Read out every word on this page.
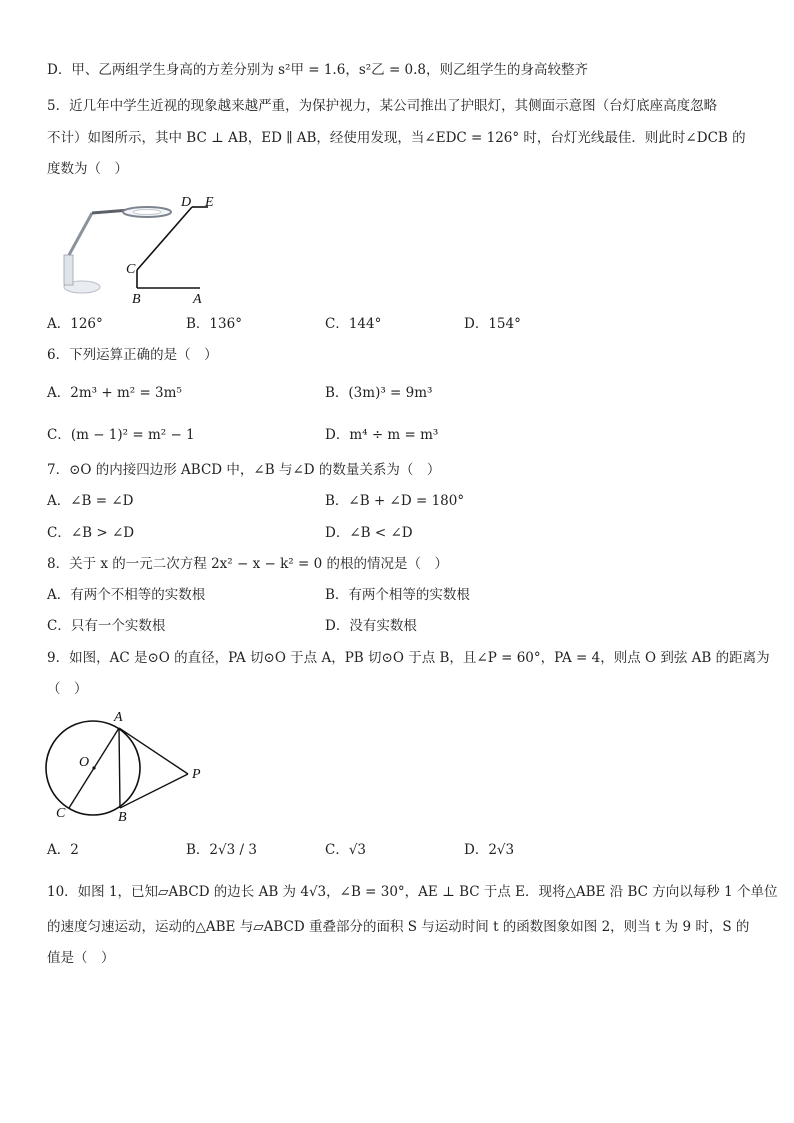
D．甲、乙两组学生身高的方差分别为 s²甲 = 1.6，s²乙 = 0.8，则乙组学生的身高较整齐
5．近几年中学生近视的现象越来越严重，为保护视力，某公司推出了护眼灯，其侧面示意图（台灯底座高度忽略
不计）如图所示，其中 BC ⊥ AB，ED ∥ AB，经使用发现，当∠EDC = 126° 时，台灯光线最佳．则此时∠DCB 的
度数为（　）
D E
C
B	A
A．126°	B．136°	C．144°	D．154°
6．下列运算正确的是（　）
A．2m³ + m² = 3m⁵	B．(3m)³ = 9m³
C．(m − 1)² = m² − 1	D．m⁴ ÷ m = m³
7．⊙O 的内接四边形 ABCD 中，∠B 与∠D 的数量关系为（　）
A．∠B = ∠D	B．∠B + ∠D = 180°
C．∠B > ∠D	D．∠B < ∠D
8．关于 x 的一元二次方程 2x² − x − k² = 0 的根的情况是（　）
A．有两个不相等的实数根	B．有两个相等的实数根
C．只有一个实数根	D．没有实数根
9．如图，AC 是⊙O 的直径，PA 切⊙O 于点 A，PB 切⊙O 于点 B，且∠P = 60°，PA = 4，则点 O 到弦 AB 的距离为
（　）
A
O
P
C	B
A．2	B．2√3 / 3	C．√3	D．2√3
10．如图 1，已知▱ABCD 的边长 AB 为 4√3，∠B = 30°，AE ⊥ BC 于点 E．现将△ABE 沿 BC 方向以每秒 1 个单位
的速度匀速运动，运动的△ABE 与▱ABCD 重叠部分的面积 S 与运动时间 t 的函数图象如图 2，则当 t 为 9 时，S 的
值是（　）
